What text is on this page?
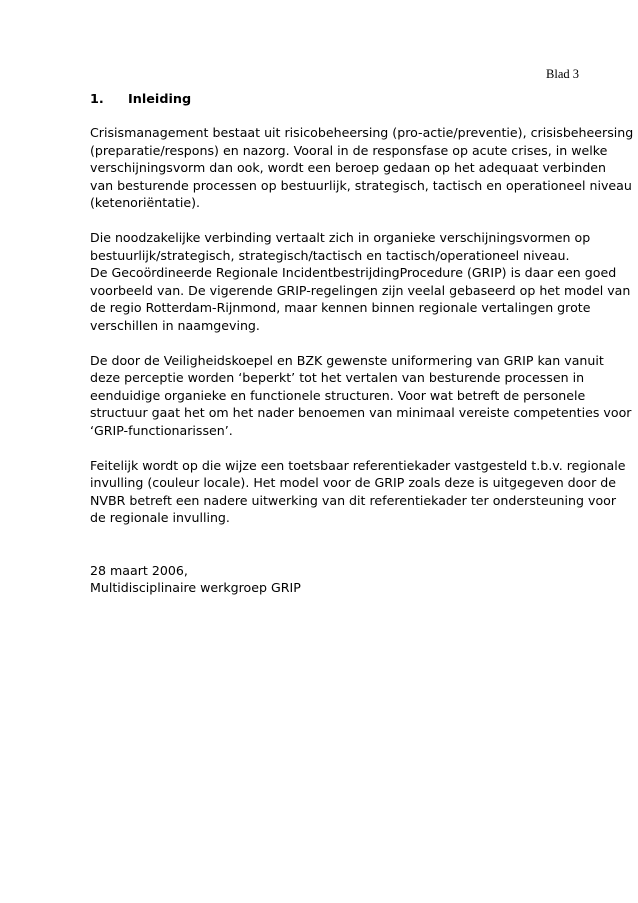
Blad 3
1. Inleiding

Crisismanagement bestaat uit risicobeheersing (pro-actie/preventie), crisisbeheersing
(preparatie/respons) en nazorg. Vooral in de responsfase op acute crises, in welke
verschijningsvorm dan ook, wordt een beroep gedaan op het adequaat verbinden
van besturende processen op bestuurlijk, strategisch, tactisch en operationeel niveau
(ketenoriëntatie).

Die noodzakelijke verbinding vertaalt zich in organieke verschijningsvormen op
bestuurlijk/strategisch, strategisch/tactisch en tactisch/operationeel niveau.
De Gecoördineerde Regionale IncidentbestrijdingProcedure (GRIP) is daar een goed
voorbeeld van. De vigerende GRIP-regelingen zijn veelal gebaseerd op het model van
de regio Rotterdam-Rijnmond, maar kennen binnen regionale vertalingen grote
verschillen in naamgeving.

De door de Veiligheidskoepel en BZK gewenste uniformering van GRIP kan vanuit
deze perceptie worden ‘beperkt’ tot het vertalen van besturende processen in
eenduidige organieke en functionele structuren. Voor wat betreft de personele
structuur gaat het om het nader benoemen van minimaal vereiste competenties voor
‘GRIP-functionarissen’.

Feitelijk wordt op die wijze een toetsbaar referentiekader vastgesteld t.b.v. regionale
invulling (couleur locale). Het model voor de GRIP zoals deze is uitgegeven door de
NVBR betreft een nadere uitwerking van dit referentiekader ter ondersteuning voor
de regionale invulling.

28 maart 2006,
Multidisciplinaire werkgroep GRIP
